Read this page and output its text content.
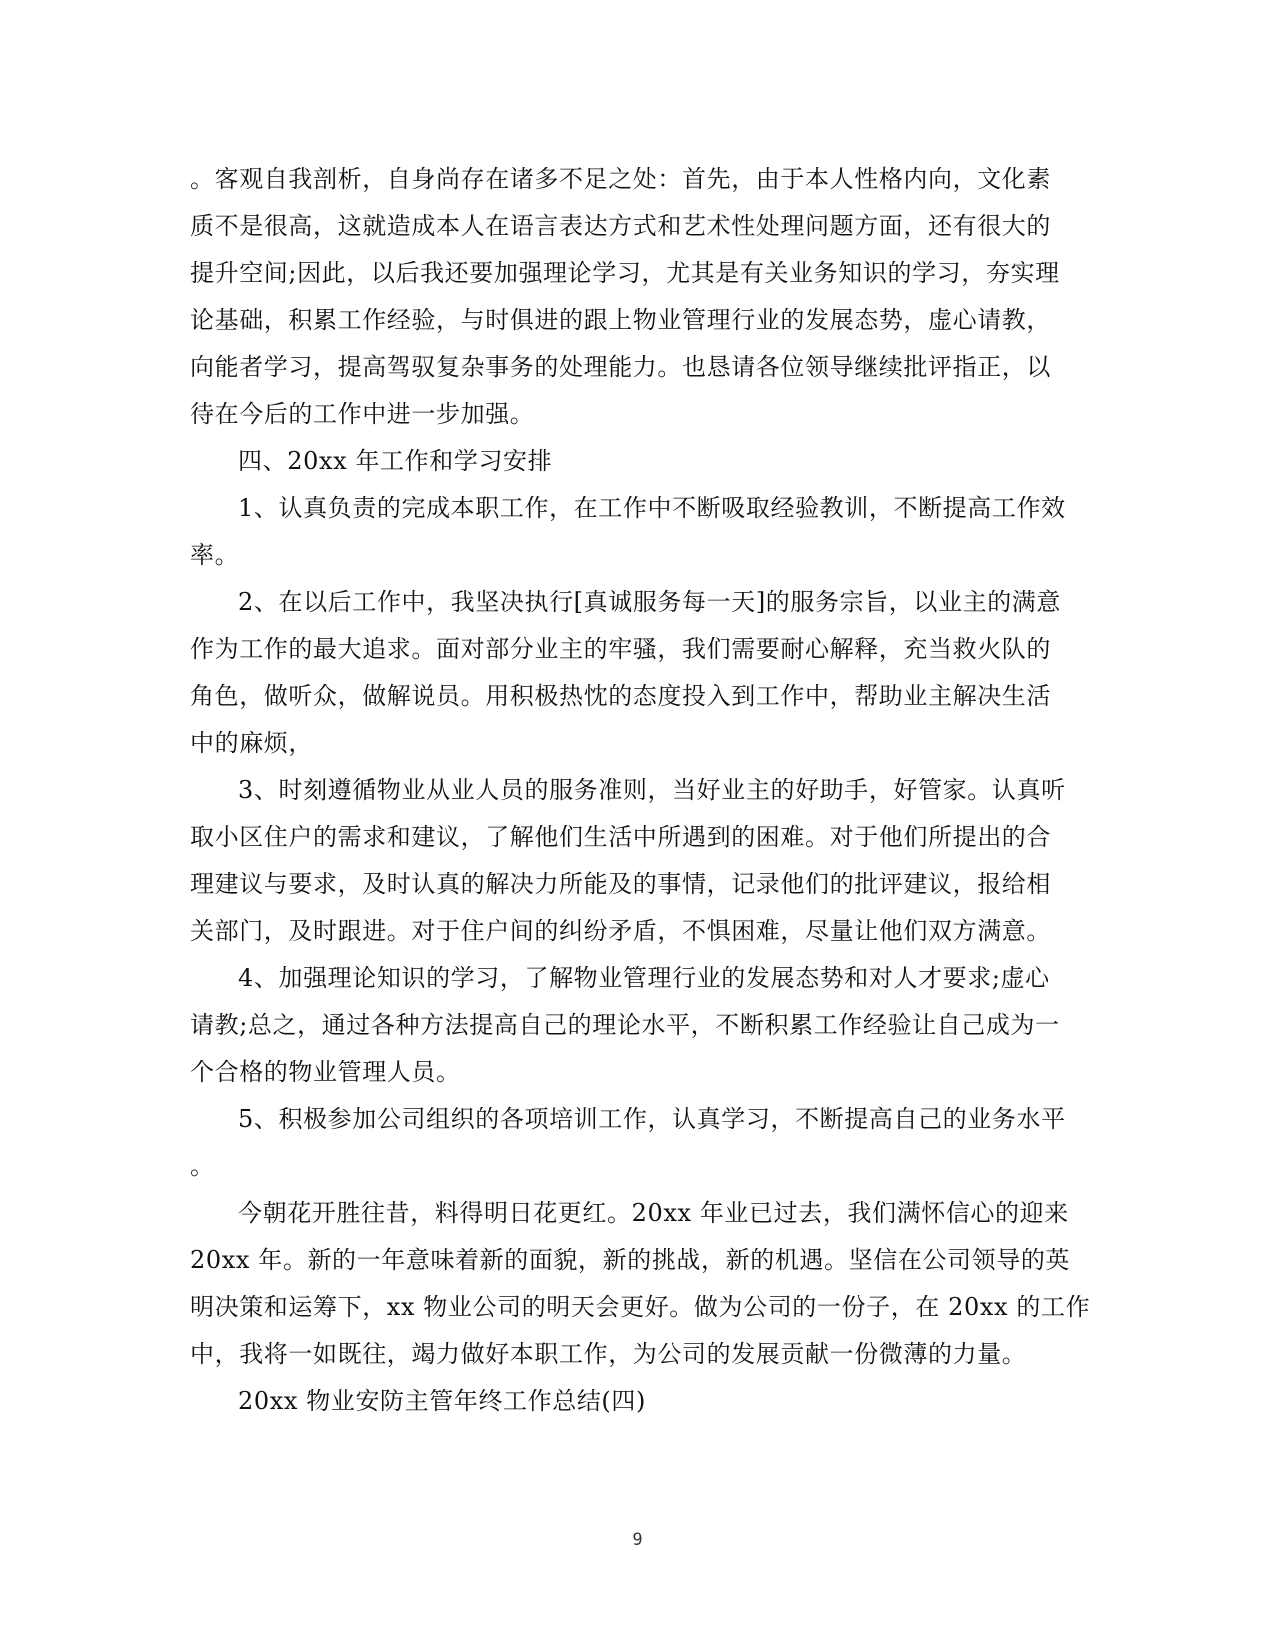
。客观自我剖析，自身尚存在诸多不足之处：首先，由于本人性格内向，文化素
质不是很高，这就造成本人在语言表达方式和艺术性处理问题方面，还有很大的
提升空间;因此，以后我还要加强理论学习，尤其是有关业务知识的学习，夯实理
论基础，积累工作经验，与时俱进的跟上物业管理行业的发展态势，虚心请教，
向能者学习，提高驾驭复杂事务的处理能力。也恳请各位领导继续批评指正，以
待在今后的工作中进一步加强。
四、20xx 年工作和学习安排
1、认真负责的完成本职工作，在工作中不断吸取经验教训，不断提高工作效
率。
2、在以后工作中，我坚决执行[真诚服务每一天]的服务宗旨，以业主的满意
作为工作的最大追求。面对部分业主的牢骚，我们需要耐心解释，充当救火队的
角色，做听众，做解说员。用积极热忱的态度投入到工作中，帮助业主解决生活
中的麻烦，
3、时刻遵循物业从业人员的服务准则，当好业主的好助手，好管家。认真听
取小区住户的需求和建议，了解他们生活中所遇到的困难。对于他们所提出的合
理建议与要求，及时认真的解决力所能及的事情，记录他们的批评建议，报给相
关部门，及时跟进。对于住户间的纠纷矛盾，不惧困难，尽量让他们双方满意。
4、加强理论知识的学习，了解物业管理行业的发展态势和对人才要求;虚心
请教;总之，通过各种方法提高自己的理论水平，不断积累工作经验让自己成为一
个合格的物业管理人员。
5、积极参加公司组织的各项培训工作，认真学习，不断提高自己的业务水平
。
今朝花开胜往昔，料得明日花更红。20xx 年业已过去，我们满怀信心的迎来
20xx 年。新的一年意味着新的面貌，新的挑战，新的机遇。坚信在公司领导的英
明决策和运筹下，xx 物业公司的明天会更好。做为公司的一份子，在 20xx 的工作
中，我将一如既往，竭力做好本职工作，为公司的发展贡献一份微薄的力量。
20xx 物业安防主管年终工作总结(四)
9
